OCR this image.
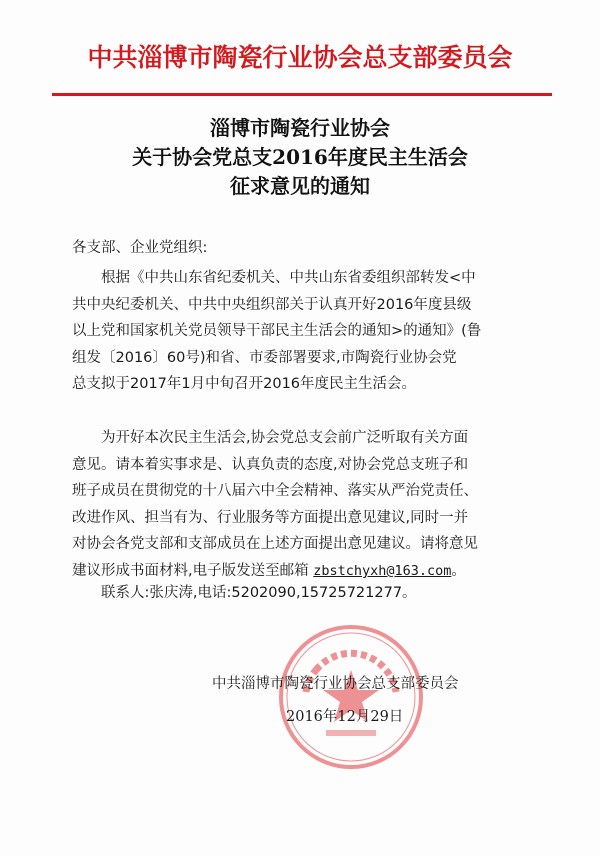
中共淄博市陶瓷行业协会总支部委员会
淄博市陶瓷行业协会
关于协会党总支2016年度民主生活会
征求意见的通知
各支部、企业党组织:
根据《中共山东省纪委机关、中共山东省委组织部转发<中
共中央纪委机关、中共中央组织部关于认真开好2016年度县级
以上党和国家机关党员领导干部民主生活会的通知>的通知》(鲁
组发〔2016〕60号)和省、市委部署要求,市陶瓷行业协会党
总支拟于2017年1月中旬召开2016年度民主生活会。
为开好本次民主生活会,协会党总支会前广泛听取有关方面
意见。请本着实事求是、认真负责的态度,对协会党总支班子和
班子成员在贯彻党的十八届六中全会精神、落实从严治党责任、
改进作风、担当有为、行业服务等方面提出意见建议,同时一并
对协会各党支部和支部成员在上述方面提出意见建议。请将意见
建议形成书面材料,电子版发送至邮箱 zbstchyxh@163.com。
联系人:张庆涛,电话:5202090,15725721277。
中共淄博市陶瓷行业协会总支部委员会
2016年12月29日
